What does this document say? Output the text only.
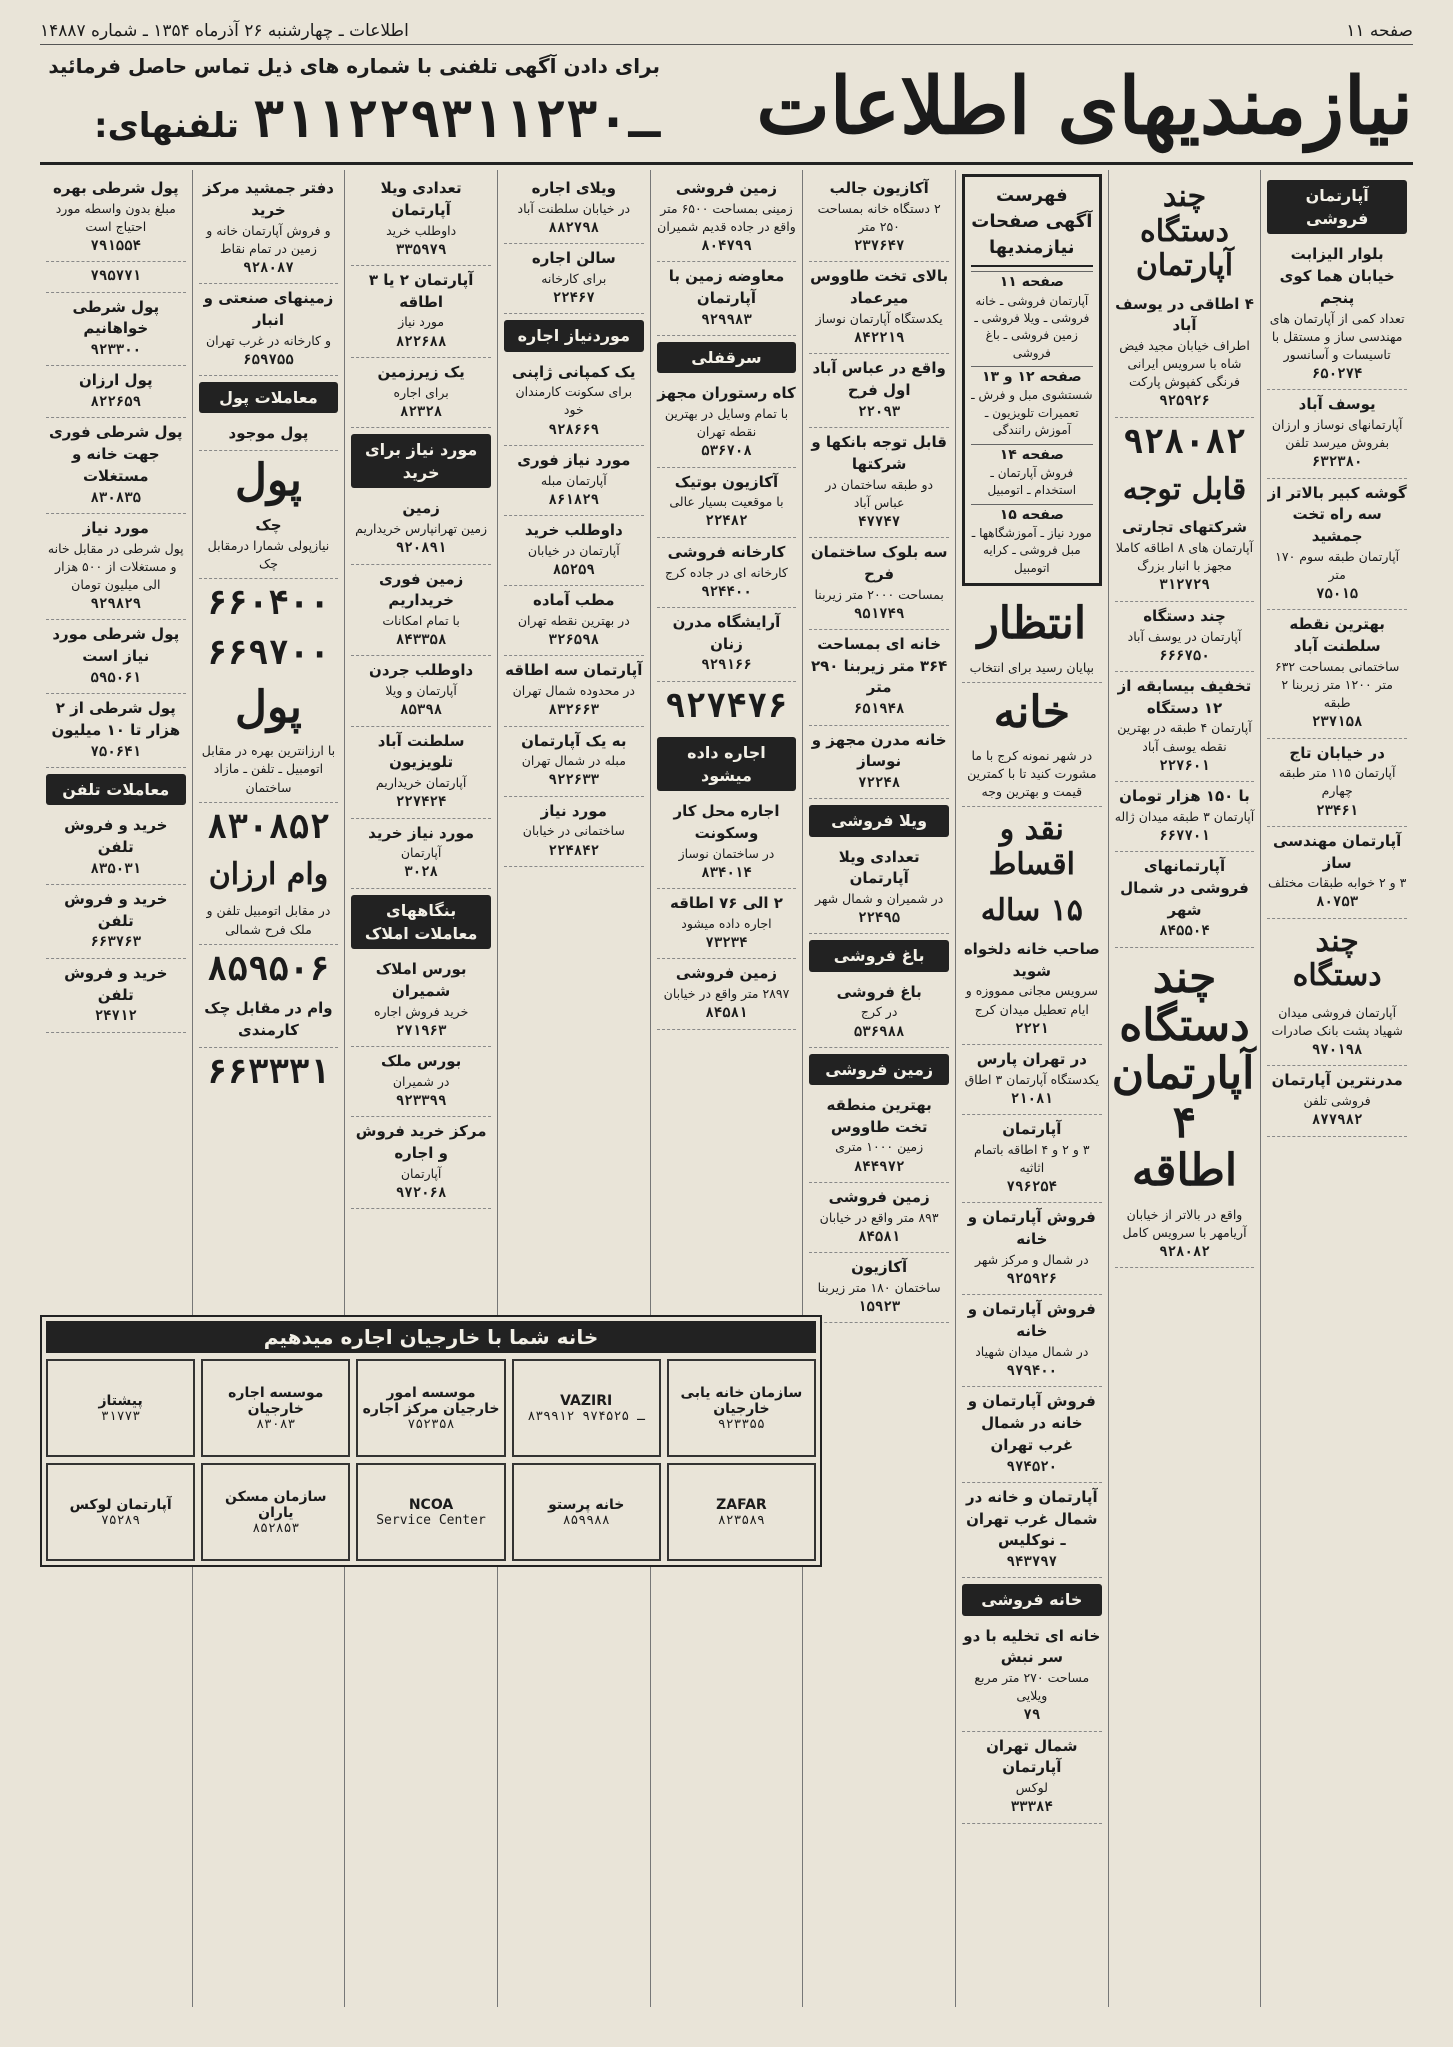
صفحه ۱۱
اطلاعات ـ چهارشنبه ۲۶ آذرماه ۱۳۵۴ ـ شماره ۱۴۸۸۷
نیازمندیهای اطلاعات
برای دادن آگهی تلفنی با شماره های ذیل تماس حاصل فرمائید
تلفنهای: ۳۱۱۲۲۹ـ۳۱۱۲۳۰
آپارتمان فروشی
بلوار الیزابت خیابان هما کوی پنجم
تعداد کمی از آپارتمان های مهندسی ساز و مستقل با تاسیسات و آسانسور
۶۵۰۲۷۴
یوسف آباد
آپارتمانهای نوساز و ارزان بفروش میرسد تلفن
۶۳۲۳۸۰
گوشه کبیر بالاتر از سه راه تخت جمشید
آپارتمان طبقه سوم ۱۷۰ متر
۷۵۰۱۵
بهترین نقطه سلطنت آباد
ساختمانی بمساحت ۶۳۲ متر ۱۲۰۰ متر زیربنا ۲ طبقه
۲۳۷۱۵۸
در خیابان تاج
آپارتمان ۱۱۵ متر طبقه چهارم
۲۳۴۶۱
آپارتمان مهندسی ساز
۳ و ۲ خوابه طبقات مختلف
۸۰۷۵۳
چند دستگاه
آپارتمان فروشی میدان شهیاد پشت بانک صادرات
۹۷۰۱۹۸
مدرنترین آپارتمان
فروشی تلفن
۸۷۷۹۸۲
چند دستگاه آپارتمان
۴ اطاقی در یوسف آباد
اطراف خیابان مجید فیض شاه با سرویس ایرانی فرنگی کفپوش پارکت
۹۲۵۹۲۶
۹۲۸۰۸۲
قابل توجه
شرکتهای تجارتی
آپارتمان های ۸ اطاقه کاملا مجهز با انبار بزرگ
۳۱۲۷۲۹
چند دستگاه
آپارتمان در یوسف آباد
۶۶۶۷۵۰
تخفیف بیسابقه از ۱۲ دستگاه
آپارتمان ۴ طبقه در بهترین نقطه یوسف آباد
۲۲۷۶۰۱
با ۱۵۰ هزار تومان
آپارتمان ۳ طبقه میدان ژاله
۶۶۷۷۰۱
آپارتمانهای فروشی در شمال شهر
۸۴۵۵۰۴
چند دستگاه آپارتمان ۴ اطاقه
واقع در بالاتر از خیابان آریامهر با سرویس کامل
۹۲۸۰۸۲
فهرست آگهی صفحات نیازمندیها
صفحه ۱۱
آپارتمان فروشی ـ خانه فروشی ـ ویلا فروشی ـ زمین فروشی ـ باغ فروشی
صفحه ۱۲ و ۱۳
شستشوی مبل و فرش ـ تعمیرات تلویزیون ـ آموزش رانندگی
صفحه ۱۴
فروش آپارتمان ـ استخدام ـ اتومبیل
صفحه ۱۵
مورد نیاز ـ آموزشگاهها ـ مبل فروشی ـ کرایه اتومبیل
انتظار
بپایان رسید برای انتخاب
خانه
در شهر نمونه کرج با ما مشورت کنید تا با کمترین قیمت و بهترین وجه
نقد و اقساط
۱۵ ساله
صاحب خانه دلخواه شوید
سرویس مجانی ممووزه و ایام تعطیل میدان کرج
۲۲۲۱
در تهران پارس
یکدستگاه آپارتمان ۳ اطاق
۲۱۰۸۱
آپارتمان
۳ و ۲ و ۴ اطاقه باتمام اثاثیه
۷۹۶۲۵۴
فروش آپارتمان و خانه
در شمال و مرکز شهر
۹۲۵۹۲۶
فروش آپارتمان و خانه
در شمال میدان شهیاد
۹۷۹۴۰۰
فروش آپارتمان و خانه در شمال غرب تهران
۹۷۴۵۲۰
آپارتمان و خانه در شمال غرب تهران ـ نوکلیس
۹۴۳۷۹۷
خانه فروشی
خانه ای تخلیه با دو سر نبش
مساحت ۲۷۰ متر مربع ویلایی
۷۹
شمال تهران آپارتمان
لوکس
۳۳۳۸۴
آکازیون جالب
۲ دستگاه خانه بمساحت ۲۵۰ متر
۲۳۷۶۴۷
بالای تخت طاووس میرعماد
یکدستگاه آپارتمان نوساز
۸۴۲۲۱۹
واقع در عباس آباد اول فرح
۲۲۰۹۳
قابل توجه بانکها و شرکتها
دو طبقه ساختمان در عباس آباد
۴۷۷۴۷
سه بلوک ساختمان فرح
بمساحت ۲۰۰۰ متر زیربنا
۹۵۱۷۴۹
خانه ای بمساحت ۳۶۴ متر زیربنا ۲۹۰ متر
۶۵۱۹۴۸
خانه مدرن مجهز و نوساز
۷۲۲۴۸
ویلا فروشی
تعدادی ویلا آپارتمان
در شمیران و شمال شهر
۲۲۴۹۵
باغ فروشی
باغ فروشی
در کرج
۵۳۶۹۸۸
زمین فروشی
بهترین منطقه تخت طاووس
زمین ۱۰۰۰ متری
۸۴۴۹۷۲
زمین فروشی
۸۹۳ متر واقع در خیابان
۸۴۵۸۱
آکازیون
ساختمان ۱۸۰ متر زیربنا
۱۵۹۲۳
زمین فروشی
زمینی بمساحت ۶۵۰۰ متر واقع در جاده قدیم شمیران
۸۰۴۷۹۹
معاوضه زمین با آپارتمان
۹۲۹۹۸۳
سرقفلی
کاه رستوران مجهز
با تمام وسایل در بهترین نقطه تهران
۵۳۶۷۰۸
آکازیون بوتیک
با موقعیت بسیار عالی
۲۲۴۸۲
کارخانه فروشی
کارخانه ای در جاده کرج
۹۲۴۴۰۰
آرایشگاه مدرن زنان
۹۲۹۱۶۶
۹۲۷۴۷۶
اجاره داده میشود
اجاره محل کار وسکونت
در ساختمان نوساز
۸۳۴۰۱۴
۲ الی ۷۶ اطاقه
اجاره داده میشود
۷۳۲۳۴
زمین فروشی
۲۸۹۷ متر واقع در خیابان
۸۴۵۸۱
ویلای اجاره
در خیابان سلطنت آباد
۸۸۲۷۹۸
سالن اجاره
برای کارخانه
۲۲۴۶۷
موردنیاز اجاره
یک کمپانی ژاپنی
برای سکونت کارمندان خود
۹۲۸۶۶۹
مورد نیاز فوری
آپارتمان مبله
۸۶۱۸۲۹
داوطلب خرید
آپارتمان در خیابان
۸۵۲۵۹
مطب آماده
در بهترین نقطه تهران
۳۲۶۵۹۸
آپارتمان سه اطاقه
در محدوده شمال تهران
۸۳۲۶۶۳
به یک آپارتمان
مبله در شمال تهران
۹۲۲۶۳۳
مورد نیاز
ساختمانی در خیابان
۲۲۴۸۴۲
تعدادی ویلا آپارتمان
داوطلب خرید
۳۳۵۹۷۹
آپارتمان ۲ یا ۳ اطاقه
مورد نیاز
۸۲۲۶۸۸
یک زیرزمین
برای اجاره
۸۲۳۲۸
مورد نیاز برای خرید
زمین
زمین تهرانپارس خریداریم
۹۲۰۸۹۱
زمین فوری خریداریم
با تمام امکانات
۸۴۳۳۵۸
داوطلب جردن
آپارتمان و ویلا
۸۵۳۹۸
سلطنت آباد تلویزیون
آپارتمان خریداریم
۲۲۷۴۲۴
مورد نیاز خرید
آپارتمان
۳۰۲۸
بنگاههای معاملات املاک
بورس املاک شمیران
خرید فروش اجاره
۲۷۱۹۶۳
بورس ملک
در شمیران
۹۲۳۳۹۹
مرکز خرید فروش و اجاره
آپارتمان
۹۷۲۰۶۸
دفتر جمشید مرکز خرید
و فروش آپارتمان خانه و زمین در تمام نقاط
۹۲۸۰۸۷
زمینهای صنعتی و انبار
و کارخانه در غرب تهران
۶۵۹۷۵۵
معاملات پول
پول موجود
پول
چک
نیازپولی شمارا درمقابل چک
۶۶۰۴۰۰
۶۶۹۷۰۰
پول
با ارزانترین بهره در مقابل اتومبیل ـ تلفن ـ مازاد ساختمان
۸۳۰۸۵۲
وام ارزان
در مقابل اتومبیل تلفن و ملک فرح شمالی
۸۵۹۵۰۶
وام در مقابل چک کارمندی
۶۶۳۳۳۱
پول شرطی بهره
مبلغ بدون واسطه مورد احتیاج است
۷۹۱۵۵۴
۷۹۵۷۷۱
پول شرطی خواهانیم
۹۲۳۳۰۰
پول ارزان
۸۲۲۶۵۹
پول شرطی فوری جهت خانه و مستغلات
۸۳۰۸۳۵
مورد نیاز
پول شرطی در مقابل خانه و مستغلات از ۵۰۰ هزار الی میلیون تومان
۹۲۹۸۲۹
پول شرطی مورد نیاز است
۵۹۵۰۶۱
پول شرطی از ۲ هزار تا ۱۰ میلیون
۷۵۰۶۴۱
معاملات تلفن
خرید و فروش تلفن
۸۳۵۰۳۱
خرید و فروش تلفن
۶۶۳۷۶۳
خرید و فروش تلفن
۲۴۷۱۲
خانه شما با خارجیان اجاره میدهیم
سازمان خانه یابی خارجیان
۹۲۳۳۵۵
VAZIRI
۸۳۹۹۱۲ ـ ۹۷۴۵۲۵
موسسه امور خارجیان مرکز اجاره
۷۵۲۳۵۸
موسسه اجاره خارجیان
۸۳۰۸۳
پیشتاز
۳۱۷۷۳
ZAFAR
۸۲۳۵۸۹
خانه پرستو
۸۵۹۹۸۸
NCOA
Service Center
سازمان مسکن یاران
۸۵۲۸۵۳
آپارتمان لوکس
۷۵۲۸۹
